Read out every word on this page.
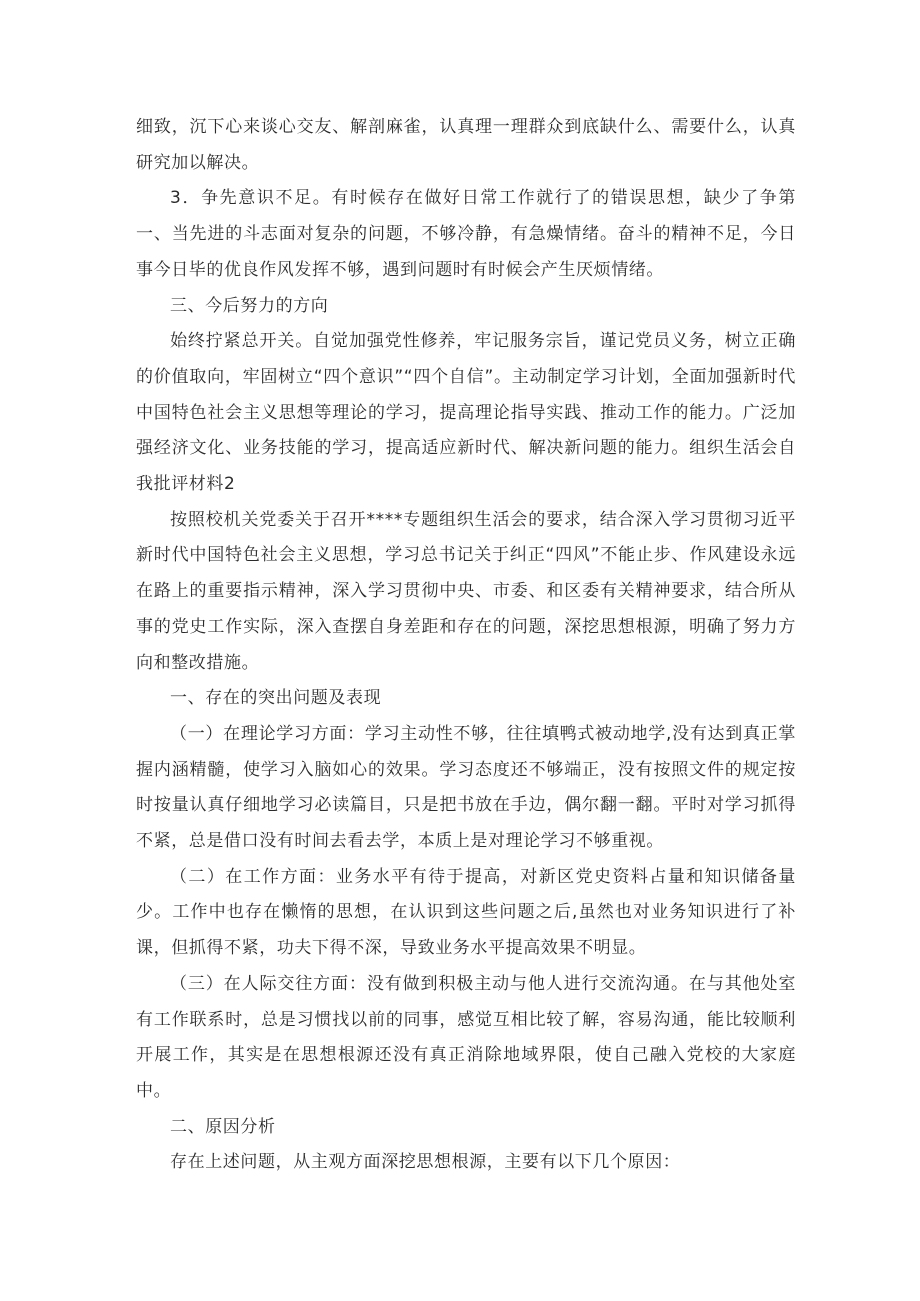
细致，沉下心来谈心交友、解剖麻雀，认真理一理群众到底缺什么、需要什么，认真研究加以解决。

3．争先意识不足。有时候存在做好日常工作就行了的错误思想，缺少了争第一、当先进的斗志面对复杂的问题，不够冷静，有急燥情绪。奋斗的精神不足，今日事今日毕的优良作风发挥不够，遇到问题时有时候会产生厌烦情绪。

三、今后努力的方向

始终拧紧总开关。自觉加强党性修养，牢记服务宗旨，谨记党员义务，树立正确的价值取向，牢固树立“四个意识”“四个自信”。主动制定学习计划，全面加强新时代中国特色社会主义思想等理论的学习，提高理论指导实践、推动工作的能力。广泛加强经济文化、业务技能的学习，提高适应新时代、解决新问题的能力。组织生活会自我批评材料2

按照校机关党委关于召开****专题组织生活会的要求，结合深入学习贯彻习近平新时代中国特色社会主义思想，学习总书记关于纠正“四风”不能止步、作风建设永远在路上的重要指示精神，深入学习贯彻中央、市委、和区委有关精神要求，结合所从事的党史工作实际，深入查摆自身差距和存在的问题，深挖思想根源，明确了努力方向和整改措施。

一、存在的突出问题及表现

（一）在理论学习方面：学习主动性不够，往往填鸭式被动地学,没有达到真正掌握内涵精髓，使学习入脑如心的效果。学习态度还不够端正，没有按照文件的规定按时按量认真仔细地学习必读篇目，只是把书放在手边，偶尔翻一翻。平时对学习抓得不紧，总是借口没有时间去看去学，本质上是对理论学习不够重视。

（二）在工作方面：业务水平有待于提高，对新区党史资料占量和知识储备量少。工作中也存在懒惰的思想，在认识到这些问题之后,虽然也对业务知识进行了补课，但抓得不紧，功夫下得不深，导致业务水平提高效果不明显。

（三）在人际交往方面：没有做到积极主动与他人进行交流沟通。在与其他处室有工作联系时，总是习惯找以前的同事，感觉互相比较了解，容易沟通，能比较顺利开展工作，其实是在思想根源还没有真正消除地域界限，使自己融入党校的大家庭中。

二、原因分析

存在上述问题，从主观方面深挖思想根源，主要有以下几个原因：
